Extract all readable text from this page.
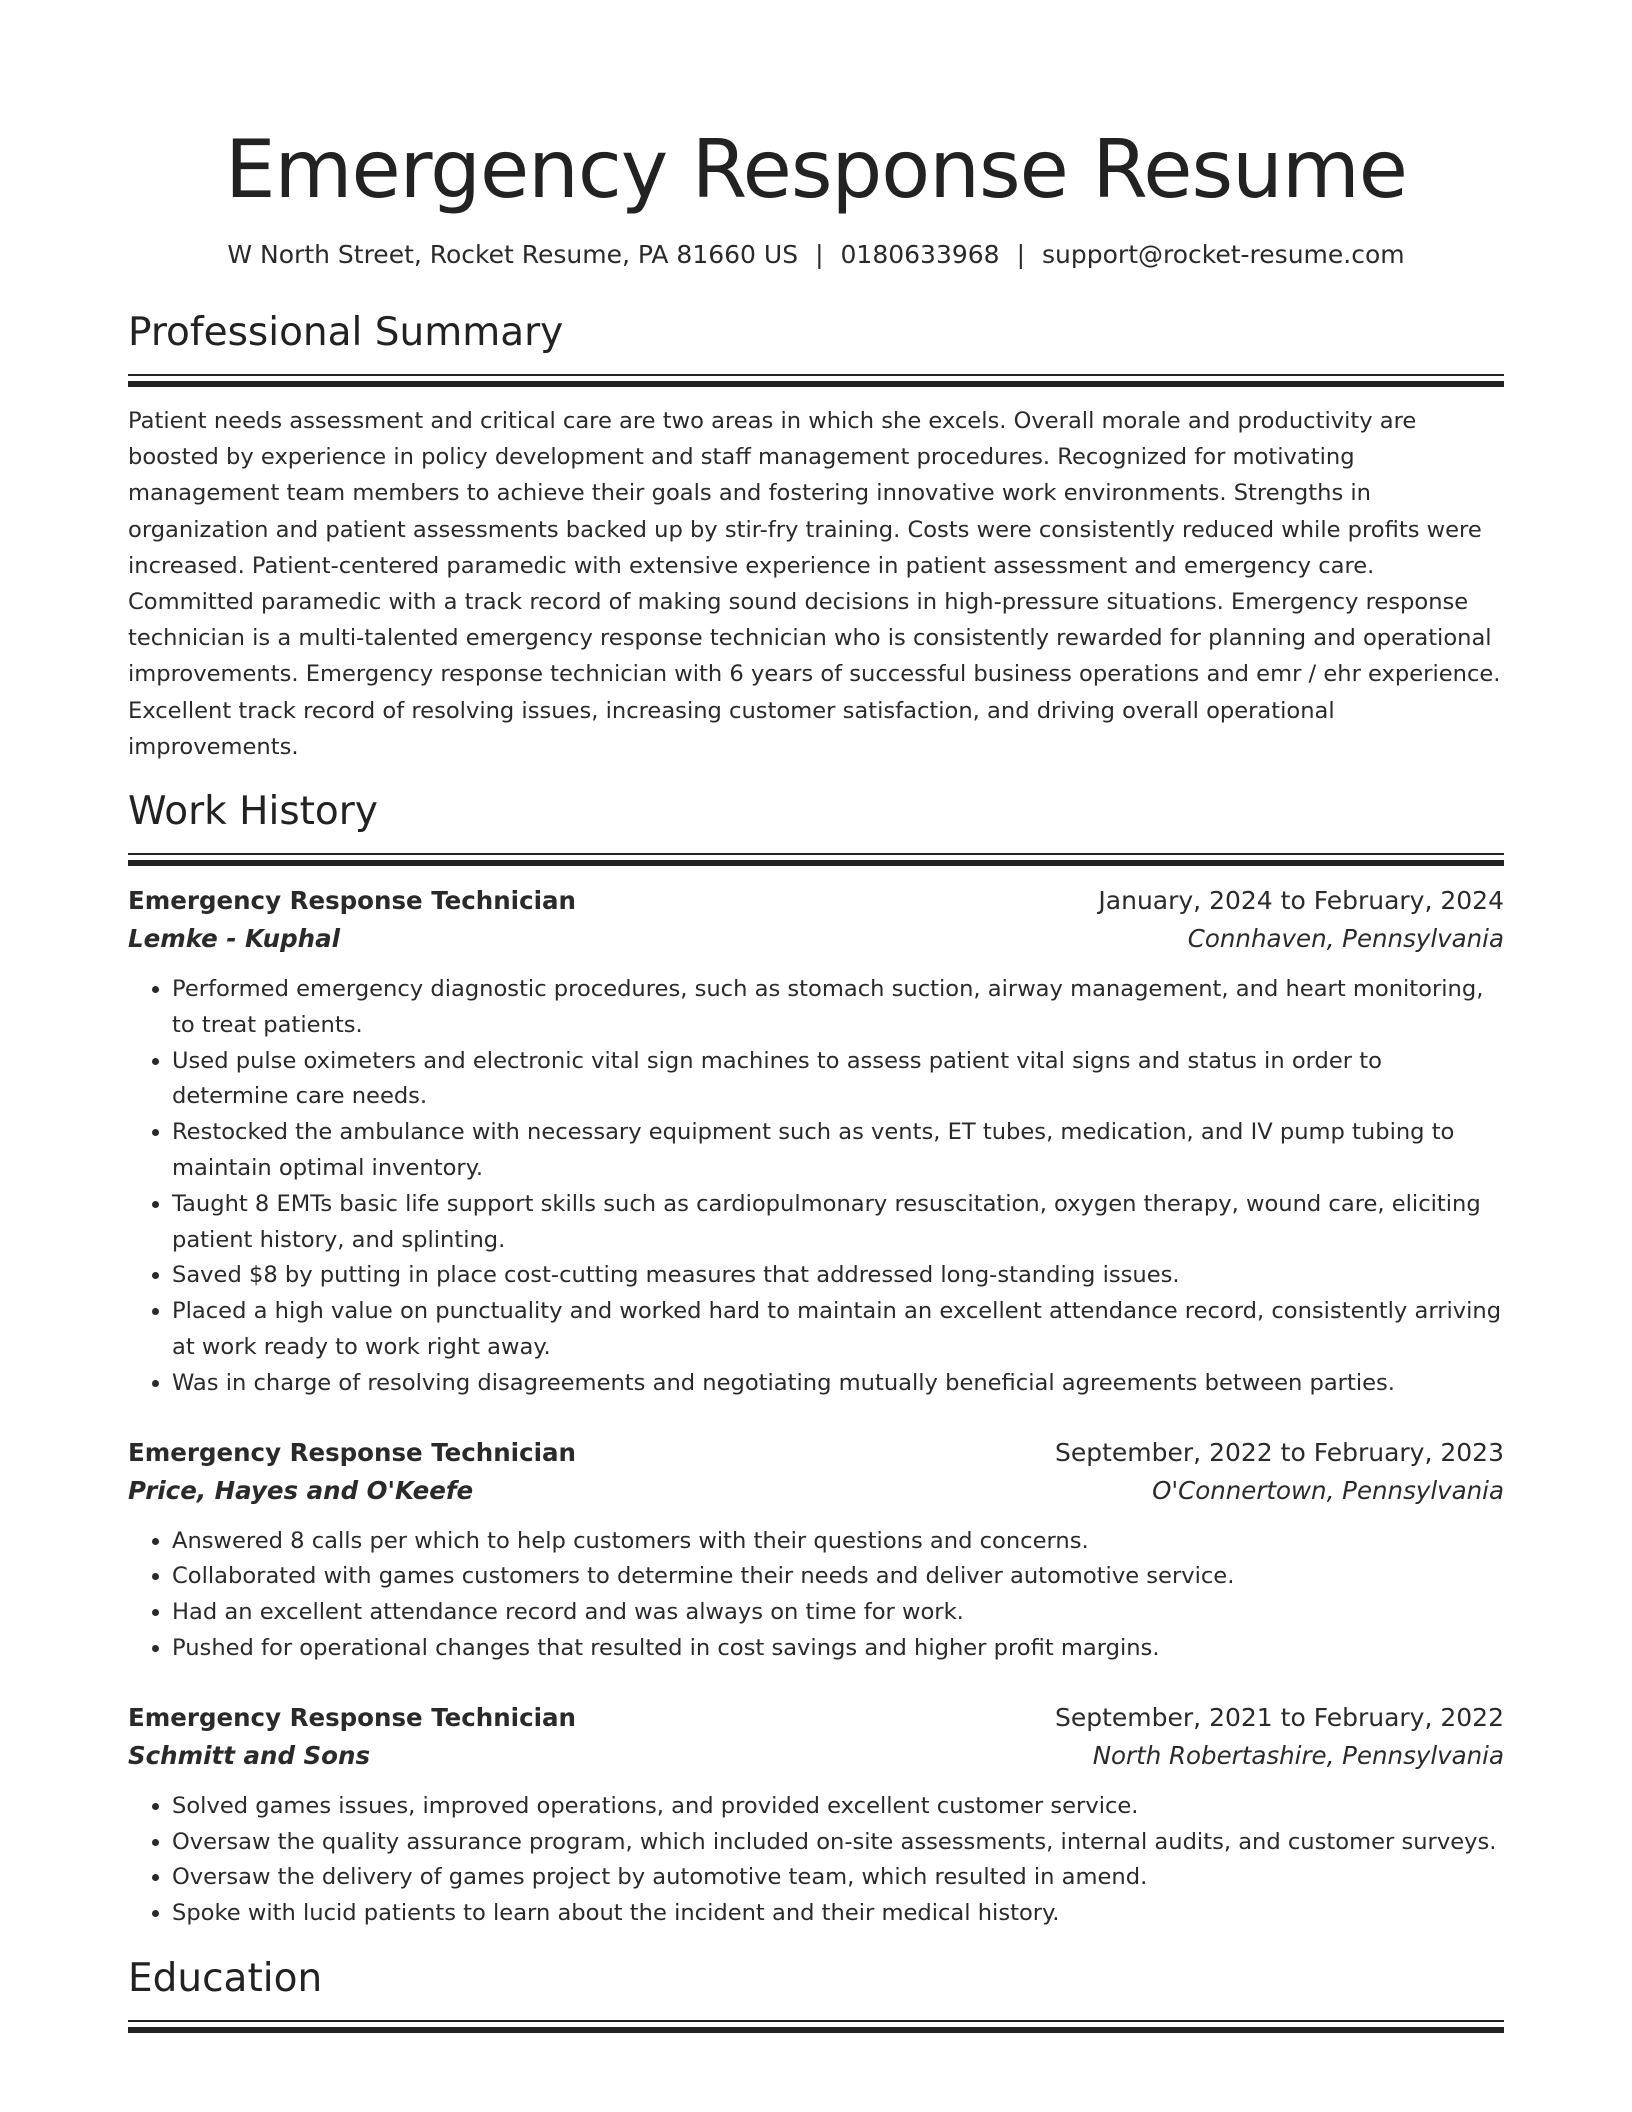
Emergency Response Resume
W North Street, Rocket Resume, PA 81660 US | 0180633968 | support@rocket-resume.com
Professional Summary

Patient needs assessment and critical care are two areas in which she excels. Overall morale and productivity are boosted by experience in policy development and staff management procedures. Recognized for motivating management team members to achieve their goals and fostering innovative work environments. Strengths in organization and patient assessments backed up by stir-fry training. Costs were consistently reduced while profits were increased. Patient-centered paramedic with extensive experience in patient assessment and emergency care. Committed paramedic with a track record of making sound decisions in high-pressure situations. Emergency response technician is a multi-talented emergency response technician who is consistently rewarded for planning and operational improvements. Emergency response technician with 6 years of successful business operations and emr / ehr experience. Excellent track record of resolving issues, increasing customer satisfaction, and driving overall operational improvements.

Work History
Emergency Response Technician	January, 2024 to February, 2024
Lemke - Kuphal	Connhaven, Pennsylvania
• Performed emergency diagnostic procedures, such as stomach suction, airway management, and heart monitoring, to treat patients.
• Used pulse oximeters and electronic vital sign machines to assess patient vital signs and status in order to determine care needs.
• Restocked the ambulance with necessary equipment such as vents, ET tubes, medication, and IV pump tubing to maintain optimal inventory.
• Taught 8 EMTs basic life support skills such as cardiopulmonary resuscitation, oxygen therapy, wound care, eliciting patient history, and splinting.
• Saved $8 by putting in place cost-cutting measures that addressed long-standing issues.
• Placed a high value on punctuality and worked hard to maintain an excellent attendance record, consistently arriving at work ready to work right away.
• Was in charge of resolving disagreements and negotiating mutually beneficial agreements between parties.
Emergency Response Technician	September, 2022 to February, 2023
Price, Hayes and O'Keefe	O'Connertown, Pennsylvania
• Answered 8 calls per which to help customers with their questions and concerns.
• Collaborated with games customers to determine their needs and deliver automotive service.
• Had an excellent attendance record and was always on time for work.
• Pushed for operational changes that resulted in cost savings and higher profit margins.
Emergency Response Technician	September, 2021 to February, 2022
Schmitt and Sons	North Robertashire, Pennsylvania
• Solved games issues, improved operations, and provided excellent customer service.
• Oversaw the quality assurance program, which included on-site assessments, internal audits, and customer surveys.
• Oversaw the delivery of games project by automotive team, which resulted in amend.
• Spoke with lucid patients to learn about the incident and their medical history.
Education
